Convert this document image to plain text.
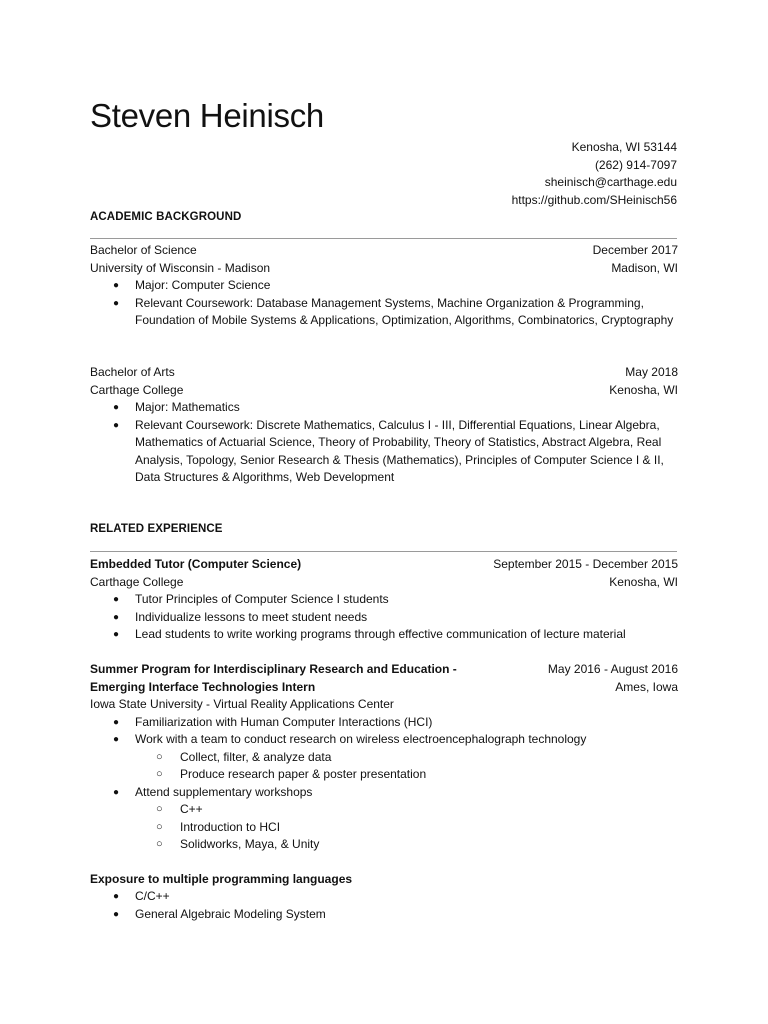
Steven Heinisch
Kenosha, WI 53144
(262) 914-7097
sheinisch@carthage.edu
https://github.com/SHeinisch56
ACADEMIC BACKGROUND
Bachelor of Science	December 2017
University of Wisconsin - Madison	Madison, WI
● Major: Computer Science
● Relevant Coursework: Database Management Systems, Machine Organization & Programming, Foundation of Mobile Systems & Applications, Optimization, Algorithms, Combinatorics, Cryptography
Bachelor of Arts	May 2018
Carthage College	Kenosha, WI
● Major: Mathematics
● Relevant Coursework: Discrete Mathematics, Calculus I - III, Differential Equations, Linear Algebra, Mathematics of Actuarial Science, Theory of Probability, Theory of Statistics, Abstract Algebra, Real Analysis, Topology, Senior Research & Thesis (Mathematics), Principles of Computer Science I & II, Data Structures & Algorithms, Web Development
RELATED EXPERIENCE
Embedded Tutor (Computer Science)	September 2015 - December 2015
Carthage College	Kenosha, WI
● Tutor Principles of Computer Science I students
● Individualize lessons to meet student needs
● Lead students to write working programs through effective communication of lecture material
Summer Program for Interdisciplinary Research and Education -	May 2016 - August 2016
Emerging Interface Technologies Intern	Ames, Iowa
Iowa State University - Virtual Reality Applications Center
● Familiarization with Human Computer Interactions (HCI)
● Work with a team to conduct research on wireless electroencephalograph technology
○ Collect, filter, & analyze data
○ Produce research paper & poster presentation
● Attend supplementary workshops
○ C++
○ Introduction to HCI
○ Solidworks, Maya, & Unity
Exposure to multiple programming languages
● C/C++
● General Algebraic Modeling System
